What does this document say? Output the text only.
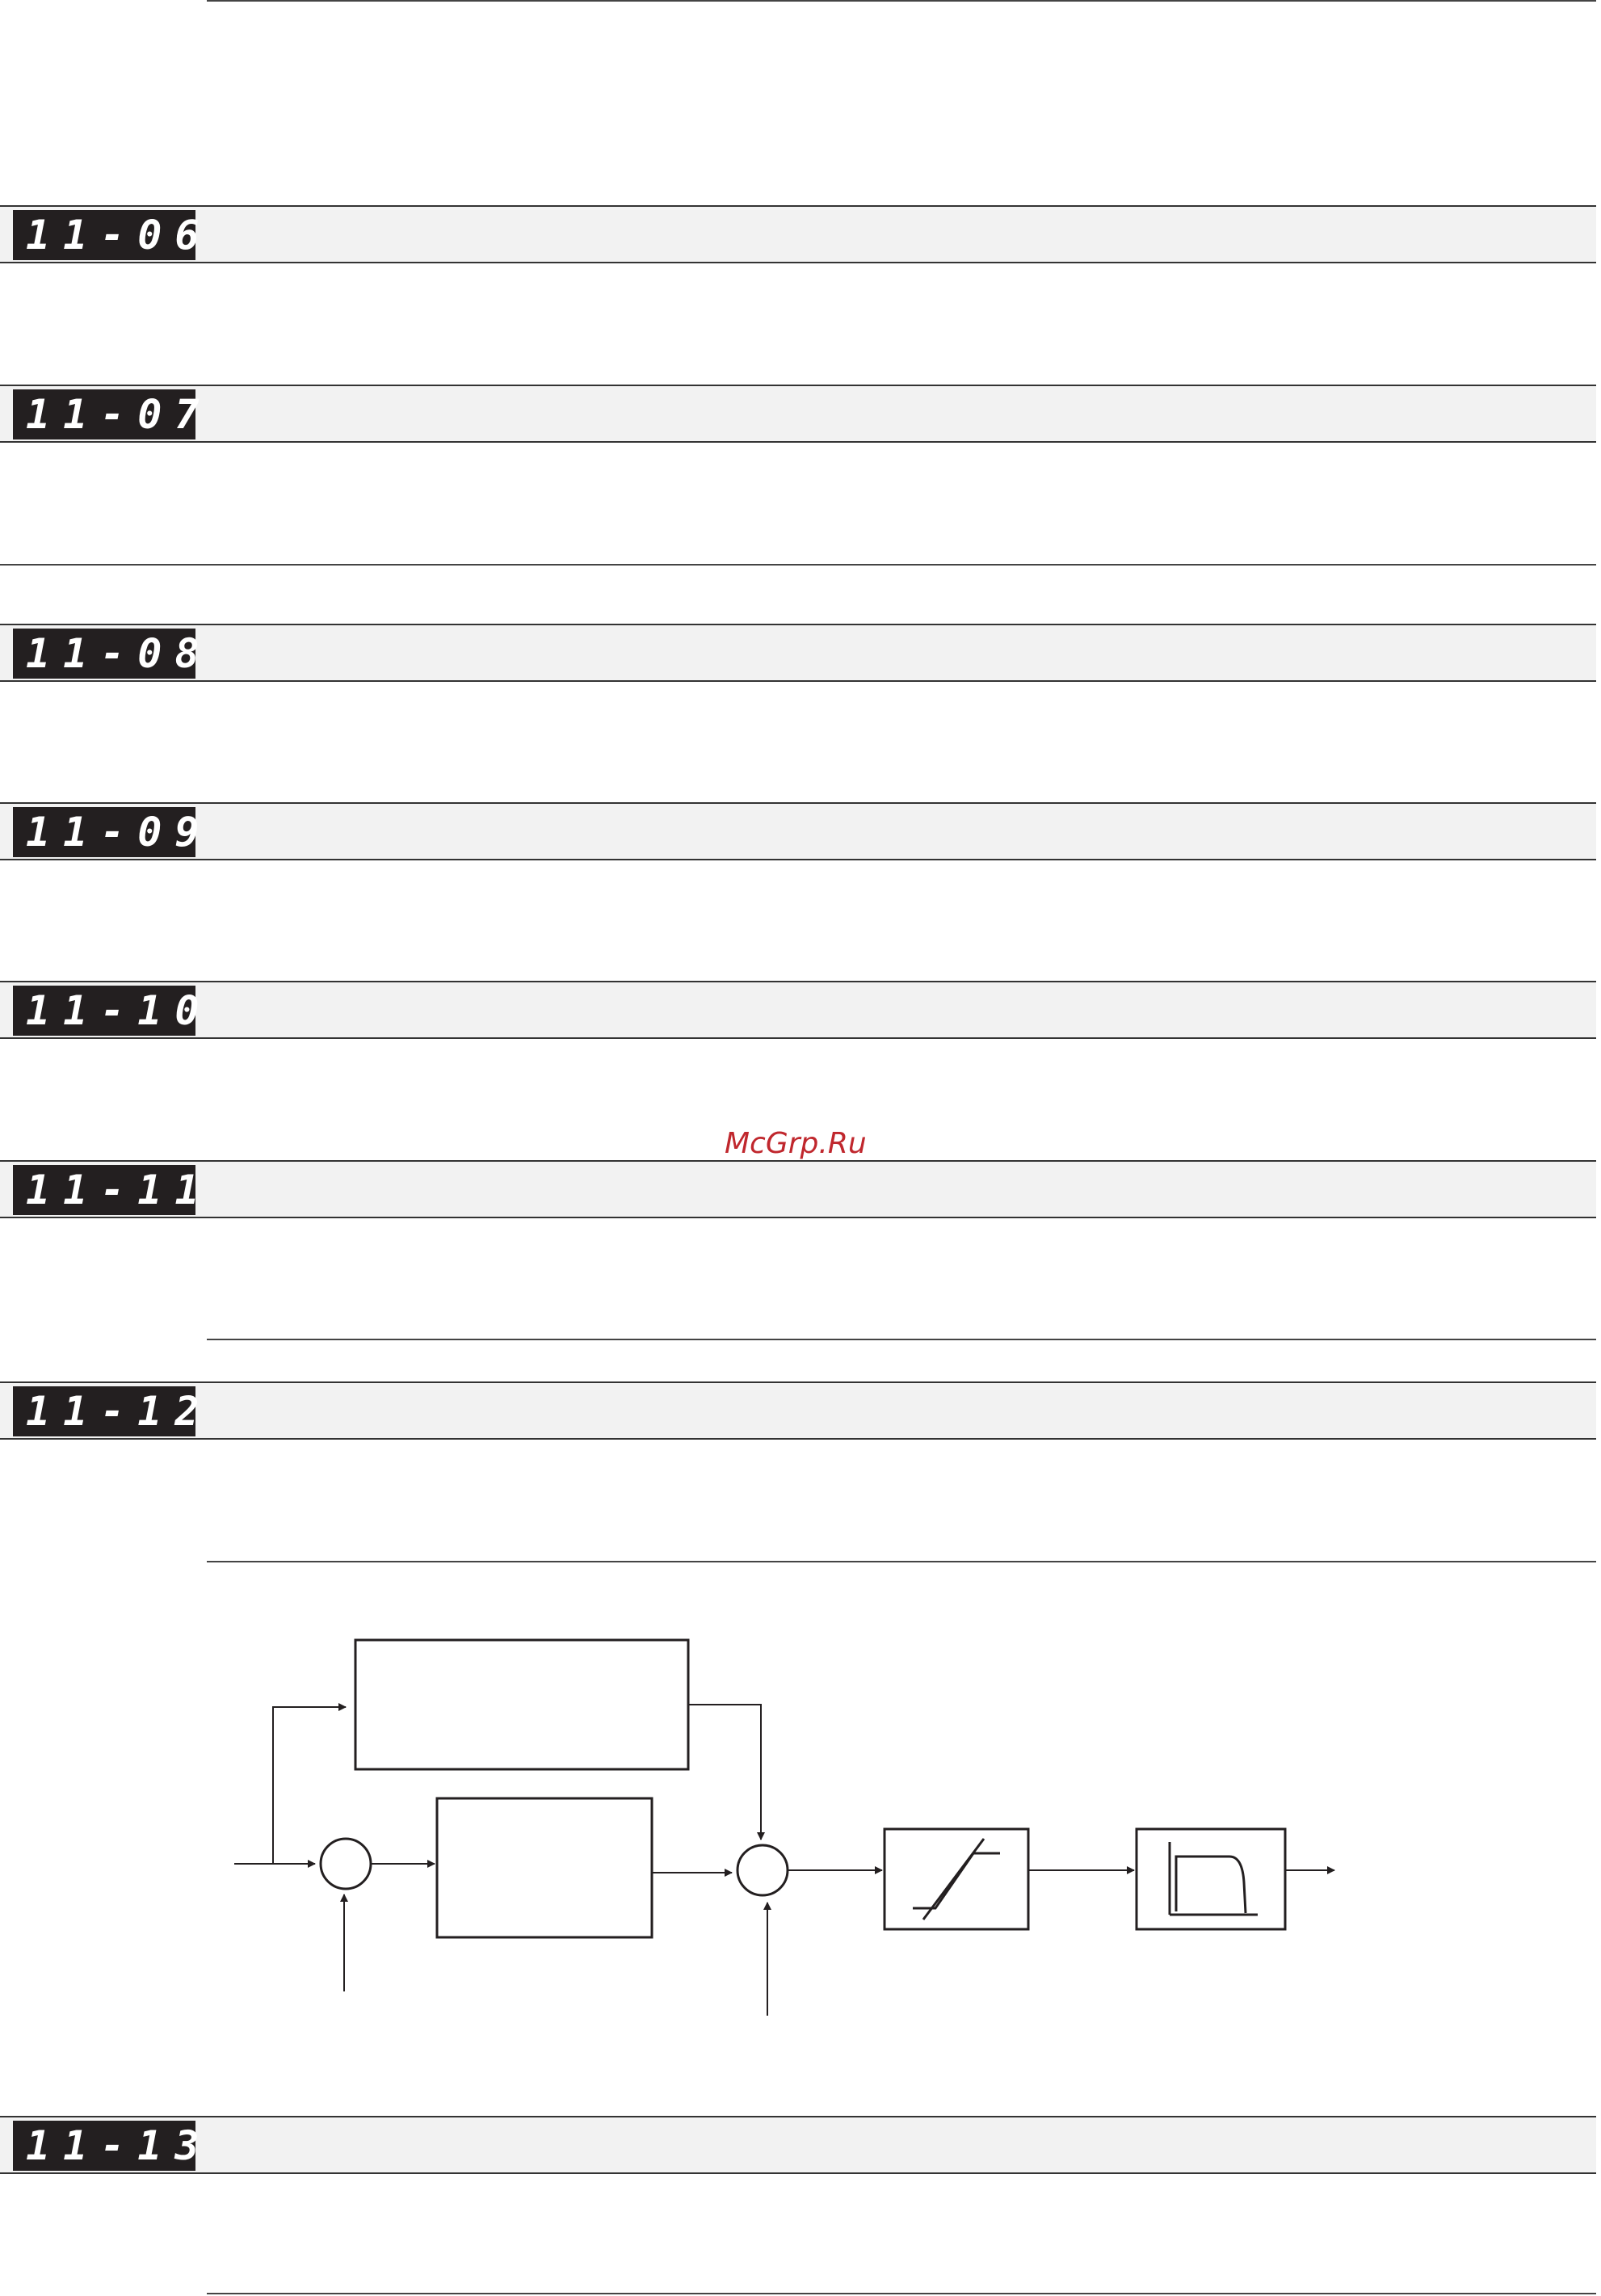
11-06
11-07
11-08
11-09
11-10
11-11
11-12
11-13
McGrp.Ru
